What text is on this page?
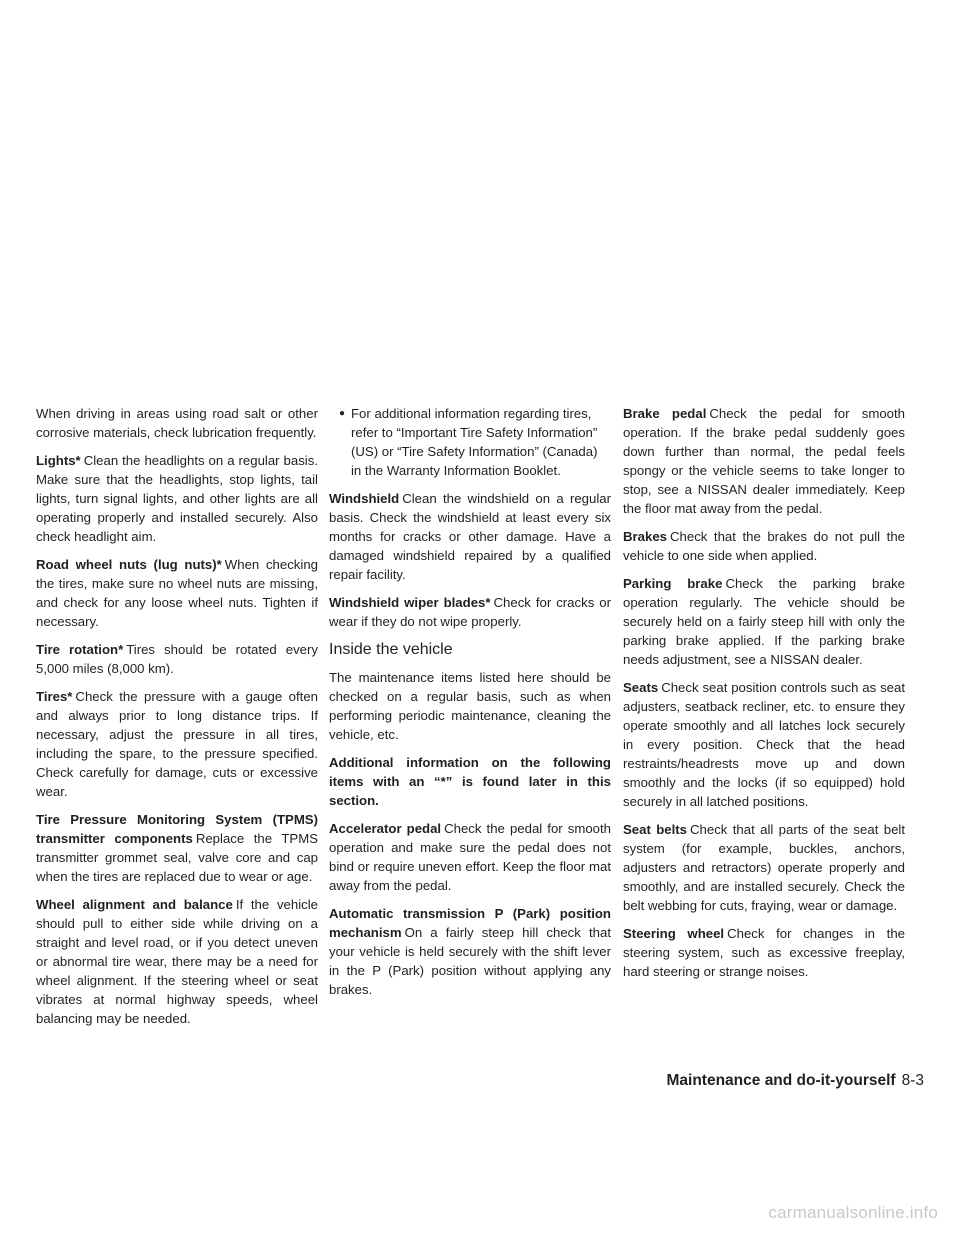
When driving in areas using road salt or other corrosive materials, check lubrication frequently.

Lights* Clean the headlights on a regular basis. Make sure that the headlights, stop lights, tail lights, turn signal lights, and other lights are all operating properly and installed securely. Also check headlight aim.

Road wheel nuts (lug nuts)* When checking the tires, make sure no wheel nuts are missing, and check for any loose wheel nuts. Tighten if necessary.

Tire rotation* Tires should be rotated every 5,000 miles (8,000 km).

Tires* Check the pressure with a gauge often and always prior to long distance trips. If necessary, adjust the pressure in all tires, including the spare, to the pressure specified. Check carefully for damage, cuts or excessive wear.

Tire Pressure Monitoring System (TPMS) transmitter components Replace the TPMS transmitter grommet seal, valve core and cap when the tires are replaced due to wear or age.

Wheel alignment and balance If the vehicle should pull to either side while driving on a straight and level road, or if you detect uneven or abnormal tire wear, there may be a need for wheel alignment. If the steering wheel or seat vibrates at normal highway speeds, wheel balancing may be needed.

● For additional information regarding tires, refer to “Important Tire Safety Information” (US) or “Tire Safety Information” (Canada) in the Warranty Information Booklet.

Windshield Clean the windshield on a regular basis. Check the windshield at least every six months for cracks or other damage. Have a damaged windshield repaired by a qualified repair facility.

Windshield wiper blades* Check for cracks or wear if they do not wipe properly.

Inside the vehicle

The maintenance items listed here should be checked on a regular basis, such as when performing periodic maintenance, cleaning the vehicle, etc.

Additional information on the following items with an “*” is found later in this section.

Accelerator pedal Check the pedal for smooth operation and make sure the pedal does not bind or require uneven effort. Keep the floor mat away from the pedal.

Automatic transmission P (Park) position mechanism On a fairly steep hill check that your vehicle is held securely with the shift lever in the P (Park) position without applying any brakes.

Brake pedal Check the pedal for smooth operation. If the brake pedal suddenly goes down further than normal, the pedal feels spongy or the vehicle seems to take longer to stop, see a NISSAN dealer immediately. Keep the floor mat away from the pedal.

Brakes Check that the brakes do not pull the vehicle to one side when applied.

Parking brake Check the parking brake operation regularly. The vehicle should be securely held on a fairly steep hill with only the parking brake applied. If the parking brake needs adjustment, see a NISSAN dealer.

Seats Check seat position controls such as seat adjusters, seatback recliner, etc. to ensure they operate smoothly and all latches lock securely in every position. Check that the head restraints/headrests move up and down smoothly and the locks (if so equipped) hold securely in all latched positions.

Seat belts Check that all parts of the seat belt system (for example, buckles, anchors, adjusters and retractors) operate properly and smoothly, and are installed securely. Check the belt webbing for cuts, fraying, wear or damage.

Steering wheel Check for changes in the steering system, such as excessive freeplay, hard steering or strange noises.

Maintenance and do-it-yourself 8-3
carmanualsonline.info
